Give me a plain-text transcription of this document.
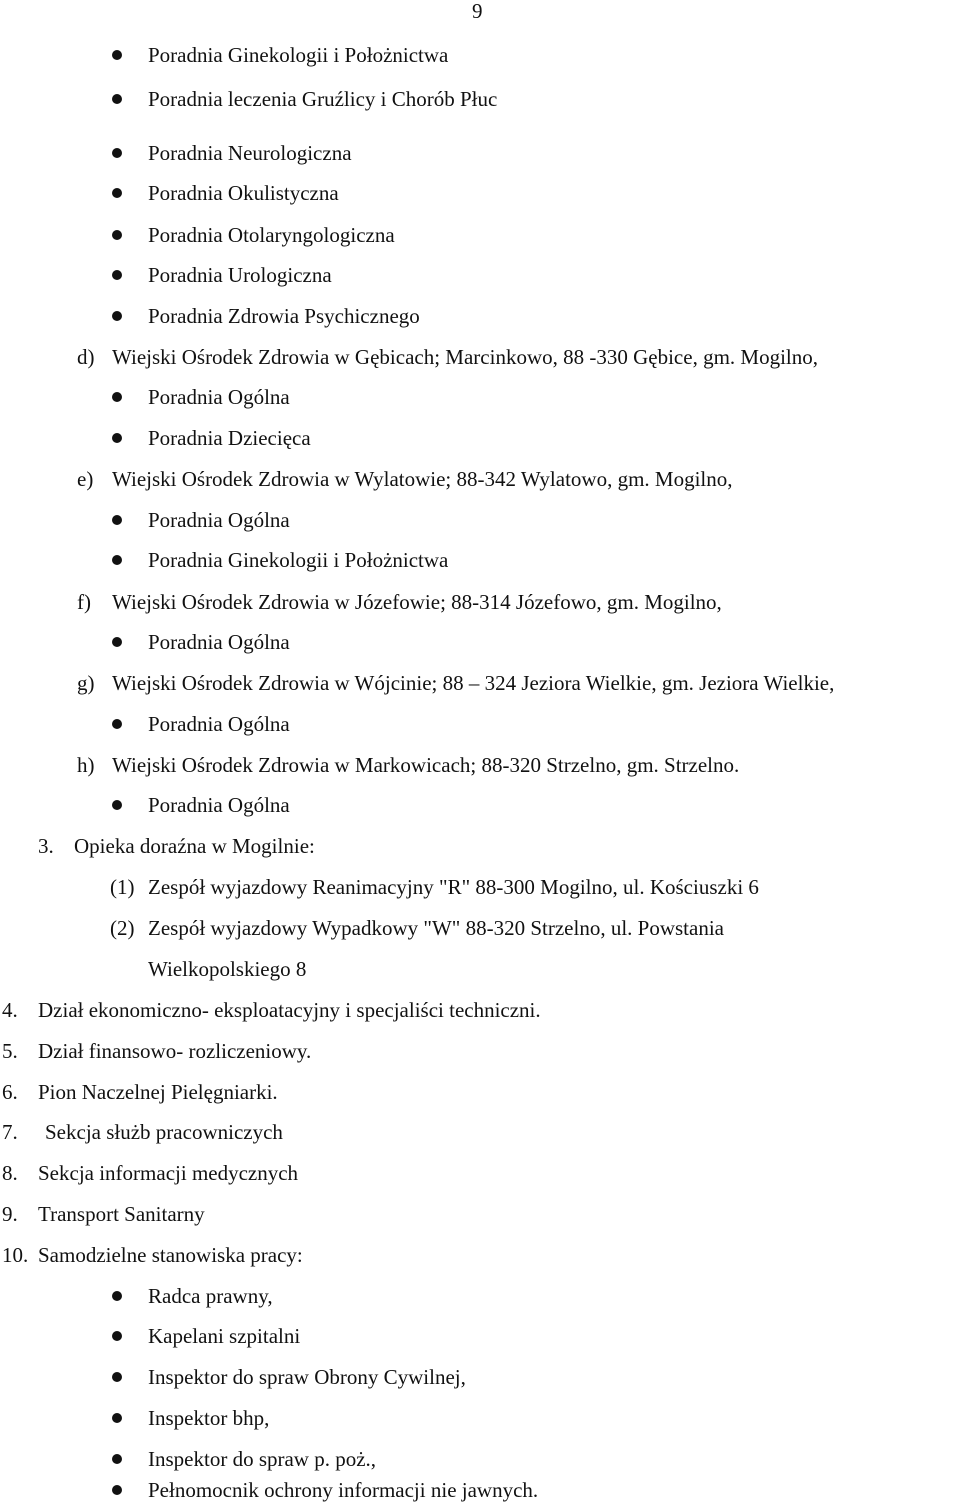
9
Poradnia Ginekologii i Położnictwa
Poradnia leczenia Gruźlicy i Chorób Płuc
Poradnia Neurologiczna
Poradnia Okulistyczna
Poradnia Otolaryngologiczna
Poradnia Urologiczna
Poradnia Zdrowia Psychicznego
d) Wiejski Ośrodek Zdrowia w Gębicach; Marcinkowo, 88 -330 Gębice, gm. Mogilno,
Poradnia Ogólna
Poradnia Dziecięca
e) Wiejski Ośrodek Zdrowia w Wylatowie; 88-342 Wylatowo, gm. Mogilno,
Poradnia Ogólna
Poradnia Ginekologii i Położnictwa
f) Wiejski Ośrodek Zdrowia w Józefowie; 88-314 Józefowo, gm. Mogilno,
Poradnia Ogólna
g) Wiejski Ośrodek Zdrowia w Wójcinie; 88 – 324 Jeziora Wielkie, gm. Jeziora Wielkie,
Poradnia Ogólna
h) Wiejski Ośrodek Zdrowia w Markowicach; 88-320 Strzelno, gm. Strzelno.
Poradnia Ogólna
3. Opieka doraźna w Mogilnie:
(1) Zespół wyjazdowy Reanimacyjny "R" 88-300 Mogilno, ul. Kościuszki 6
(2) Zespół wyjazdowy Wypadkowy "W" 88-320 Strzelno, ul. Powstania
Wielkopolskiego 8
4. Dział ekonomiczno- eksploatacyjny i specjaliści techniczni.
5. Dział finansowo- rozliczeniowy.
6. Pion Naczelnej Pielęgniarki.
7. Sekcja służb pracowniczych
8. Sekcja informacji medycznych
9. Transport Sanitarny
10. Samodzielne stanowiska pracy:
Radca prawny,
Kapelani szpitalni
Inspektor do spraw Obrony Cywilnej,
Inspektor bhp,
Inspektor do spraw p. poż.,
Pełnomocnik ochrony informacji nie jawnych.
